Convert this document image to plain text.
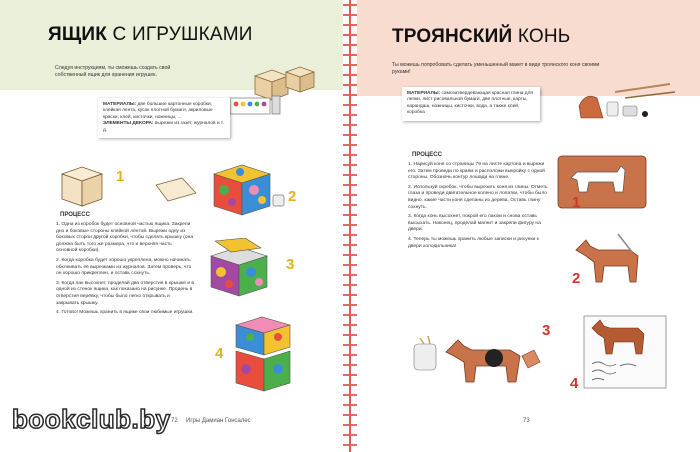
ЯЩИК С ИГРУШКАМИ
Следуя инструкциям, ты сможешь создать свой собственный ящик для хранения игрушек.
МАТЕРИАЛЫ: две большие картонные коробки, клейкая лента, кусок плотной бумаги, акриловые краски, клей, кисточки, ножницы, ...
ЭЛЕМЕНТЫ ДЕКОРА: вырезки из газет, журналов и т. д.
1
2
ПРОЦЕСС

1. Одна из коробок будет основной частью ящика. Закрепи дно и боковые стороны клейкой лентой. Вырежи одну из боковых сторон другой коробки, чтобы сделать крышку (она должна быть того же размера, что и верхняя часть основной коробки).

2. Когда коробка будет хорошо укреплена, можно начинать обклеивать её вырезками из журналов. Затем проверь, что он хорошо прикреплен, и оставь сохнуть.

3. Когда лак высохнет, проделай два отверстия в крышке и в одной из стенок ящика, как показано на рисунке. Продень в отверстия верёвку, чтобы было легко открывать и закрывать крышку.

4. Готово! Можешь хранить в ящике свои любимые игрушки.

3
4
72 Игры Дамиан Гонсалес
ТРОЯНСКИЙ КОНЬ
Ты можешь попробовать сделать уменьшенный макет в виде троянского коня своими руками!
МАТЕРИАЛЫ: самозатвердевающая красная глина для лепки, лист рисовальной бумаги, две плотные, карты, карандаш, ножницы, кисточки, вода, а также клей, коробка
ПРОЦЕСС

1. Нарисуй коня со страницы 79 на листе картона и вырежи его. Затем проведи по краям и расположи выкройку с одной стороны. Обозначь контур лошади на глине.

2. Используй скребок, чтобы вырезать коня из глины. Отметь глаза и проведи двигательное колено и лопатки, чтобы было видно, какие части коня сделаны из дерева. Оставь глину сохнуть.

3. Когда конь высохнет, покрой его лаком и снова оставь высыхать. Наконец, проделай магнит и закрепи фигуру на двери.

4. Теперь ты можешь хранить любые записки и рисунки к двери холодильника!

1
2
3
4
73
bookclub.by
